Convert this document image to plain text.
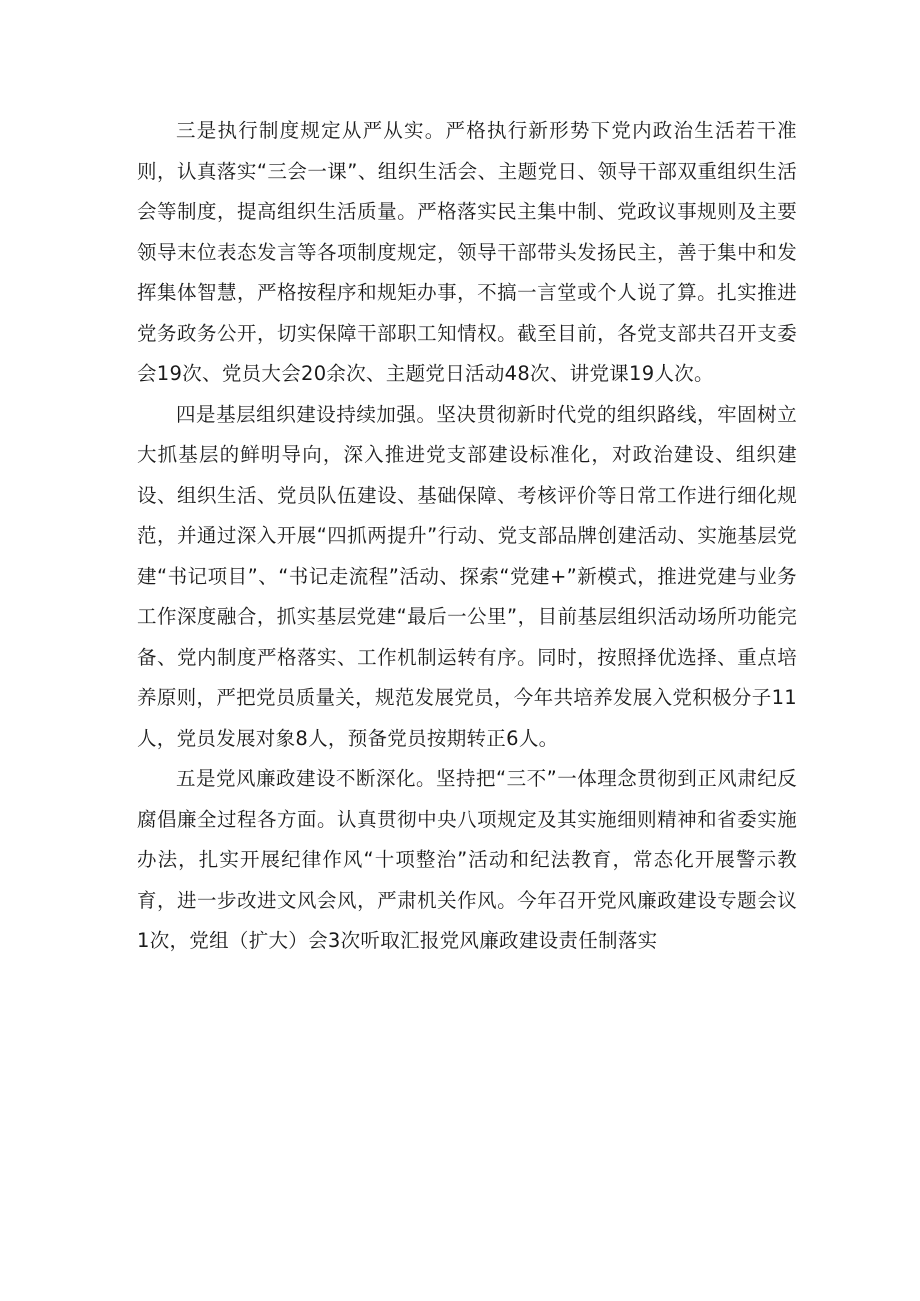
三是执行制度规定从严从实。严格执行新形势下党内政治生活若干准则，认真落实“三会一课”、组织生活会、主题党日、领导干部双重组织生活会等制度，提高组织生活质量。严格落实民主集中制、党政议事规则及主要领导末位表态发言等各项制度规定，领导干部带头发扬民主，善于集中和发挥集体智慧，严格按程序和规矩办事，不搞一言堂或个人说了算。扎实推进党务政务公开，切实保障干部职工知情权。截至目前，各党支部共召开支委会19次、党员大会20余次、主题党日活动48次、讲党课19人次。

四是基层组织建设持续加强。坚决贯彻新时代党的组织路线，牢固树立大抓基层的鲜明导向，深入推进党支部建设标准化，对政治建设、组织建设、组织生活、党员队伍建设、基础保障、考核评价等日常工作进行细化规范，并通过深入开展“四抓两提升”行动、党支部品牌创建活动、实施基层党建“书记项目”、“书记走流程”活动、探索“党建+”新模式，推进党建与业务工作深度融合，抓实基层党建“最后一公里”，目前基层组织活动场所功能完备、党内制度严格落实、工作机制运转有序。同时，按照择优选择、重点培养原则，严把党员质量关，规范发展党员，今年共培养发展入党积极分子11人，党员发展对象8人，预备党员按期转正6人。

五是党风廉政建设不断深化。坚持把“三不”一体理念贯彻到正风肃纪反腐倡廉全过程各方面。认真贯彻中央八项规定及其实施细则精神和省委实施办法，扎实开展纪律作风“十项整治”活动和纪法教育，常态化开展警示教育，进一步改进文风会风，严肃机关作风。今年召开党风廉政建设专题会议1次，党组（扩大）会3次听取汇报党风廉政建设责任制落实
